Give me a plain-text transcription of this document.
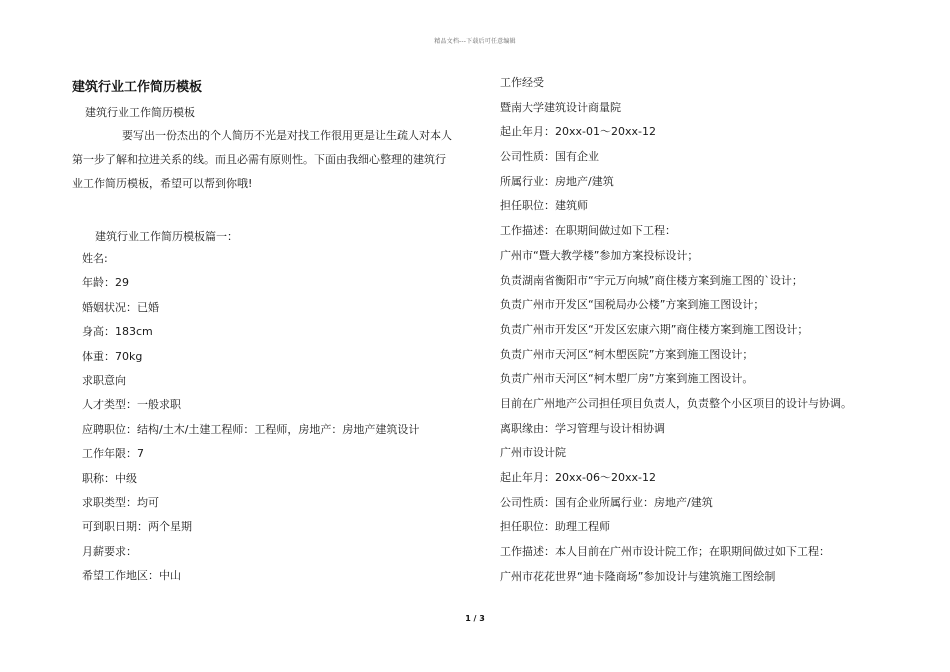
精品文档---下载后可任意编辑
建筑行业工作简历模板
建筑行业工作简历模板
要写出一份杰出的个人简历不光是对找工作很用更是让生疏人对本人
第一步了解和拉进关系的线。而且必需有原则性。下面由我细心整理的建筑行
业工作简历模板，希望可以帮到你哦!
建筑行业工作简历模板篇一：
姓名:
年龄：29
婚姻状况：已婚
身高：183cm
体重：70kg
求职意向
人才类型：一般求职
应聘职位：结构/土木/土建工程师：工程师，房地产：房地产建筑设计
工作年限：7
职称：中级
求职类型：均可
可到职日期：两个星期
月薪要求：
希望工作地区：中山
工作经受
暨南大学建筑设计商量院
起止年月：20xx-01～20xx-12
公司性质：国有企业
所属行业：房地产/建筑
担任职位：建筑师
工作描述：在职期间做过如下工程：
广州市“暨大教学楼”参加方案投标设计；
负责湖南省衡阳市“宇元万向城”商住楼方案到施工图的`设计；
负责广州市开发区“国税局办公楼”方案到施工图设计；
负责广州市开发区“开发区宏康六期”商住楼方案到施工图设计；
负责广州市天河区“柯木塱医院”方案到施工图设计；
负责广州市天河区“柯木塱厂房”方案到施工图设计。
目前在广州地产公司担任项目负责人，负责整个小区项目的设计与协调。
离职缘由：学习管理与设计相协调
广州市设计院
起止年月：20xx-06～20xx-12
公司性质：国有企业所属行业：房地产/建筑
担任职位：助理工程师
工作描述：本人目前在广州市设计院工作；在职期间做过如下工程：
广州市花花世界“迪卡隆商场”参加设计与建筑施工图绘制
1 / 3
